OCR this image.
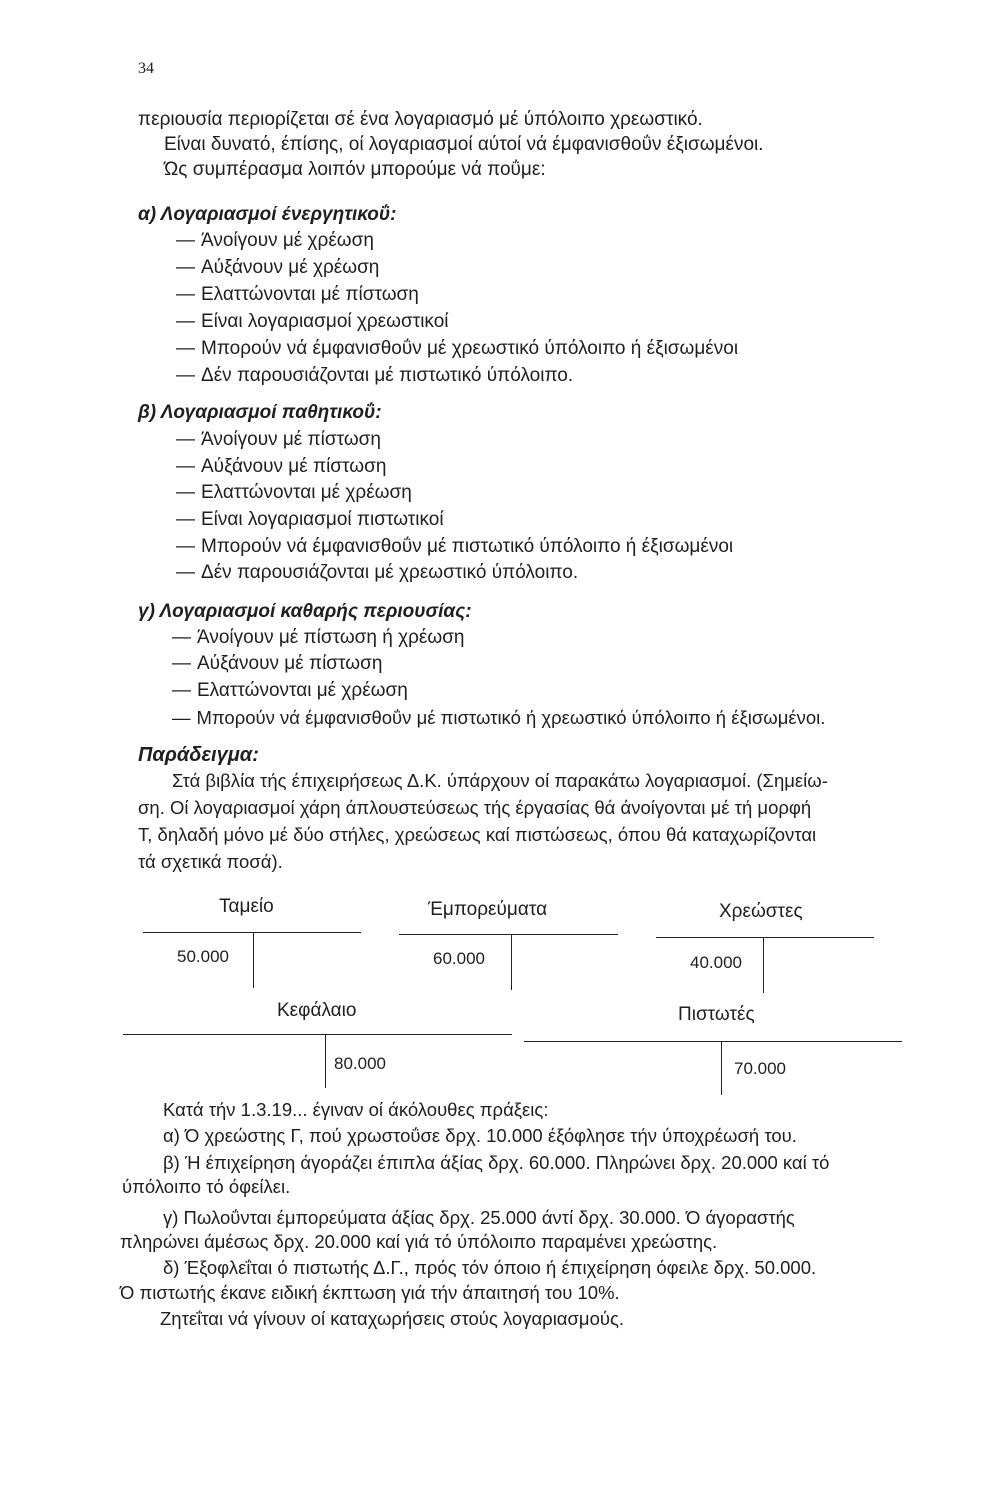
34
περιουσία περιορίζεται σέ ένα λογαριασμό μέ ύπόλοιπο χρεωστικό.
Είναι δυνατό, έπίσης, οί λογαριασμοί αύτοί νά έμφανισθοΰν έξισωμένοι.
Ώς συμπέρασμα λοιπόν μπορούμε νά ποΰμε:
α) Λογαριασμοί ένεργητικοΰ:
— Άνοίγουν μέ χρέωση
— Αύξάνουν μέ χρέωση
— Ελαττώνονται μέ πίστωση
— Είναι λογαριασμοί χρεωστικοί
— Μπορούν νά έμφανισθοΰν μέ χρεωστικό ύπόλοιπο ή έξισωμένοι
— Δέν παρουσιάζονται μέ πιστωτικό ύπόλοιπο.
β) Λογαριασμοί παθητικοΰ:
— Άνοίγουν μέ πίστωση
— Αύξάνουν μέ πίστωση
— Ελαττώνονται μέ χρέωση
— Είναι λογαριασμοί πιστωτικοί
— Μπορούν νά έμφανισθοΰν μέ πιστωτικό ύπόλοιπο ή έξισωμένοι
— Δέν παρουσιάζονται μέ χρεωστικό ύπόλοιπο.
γ) Λογαριασμοί καθαρής περιουσίας:
— Άνοίγουν μέ πίστωση ή χρέωση
— Αύξάνουν μέ πίστωση
— Ελαττώνονται μέ χρέωση
— Μπορούν νά έμφανισθοΰν μέ πιστωτικό ή χρεωστικό ύπόλοιπο ή έξισωμένοι.
Παράδειγμα:
Στά βιβλία τής έπιχειρήσεως Δ.Κ. ύπάρχουν οί παρακάτω λογαριασμοί. (Σημείω-
ση. Οί λογαριασμοί χάρη άπλουστεύσεως τής έργασίας θά άνοίγονται μέ τή μορφή
Τ, δηλαδή μόνο μέ δύο στήλες, χρεώσεως καί πιστώσεως, όπου θά καταχωρίζονται
τά σχετικά ποσά).
Ταμείο
50.000
Έμπορεύματα
60.000
Χρεώστες
40.000
Κεφάλαιο
80.000
Πιστωτές
70.000
Κατά τήν 1.3.19... έγιναν οί άκόλουθες πράξεις:
α) Ό χρεώστης Γ, πού χρωστοΰσε δρχ. 10.000 έξόφλησε τήν ύποχρέωσή του.
β) Ή έπιχείρηση άγοράζει έπιπλα άξίας δρχ. 60.000. Πληρώνει δρχ. 20.000 καί τό
ύπόλοιπο τό όφείλει.
γ) Πωλοΰνται έμπορεύματα άξίας δρχ. 25.000 άντί δρχ. 30.000. Ό άγοραστής
πληρώνει άμέσως δρχ. 20.000 καί γιά τό ύπόλοιπο παραμένει χρεώστης.
δ) Έξοφλεΐται ό πιστωτής Δ.Γ., πρός τόν όποιο ή έπιχείρηση όφειλε δρχ. 50.000.
Ό πιστωτής έκανε ειδική έκπτωση γιά τήν άπαιτησή του 10%.
Ζητεΐται νά γίνουν οί καταχωρήσεις στούς λογαριασμούς.
